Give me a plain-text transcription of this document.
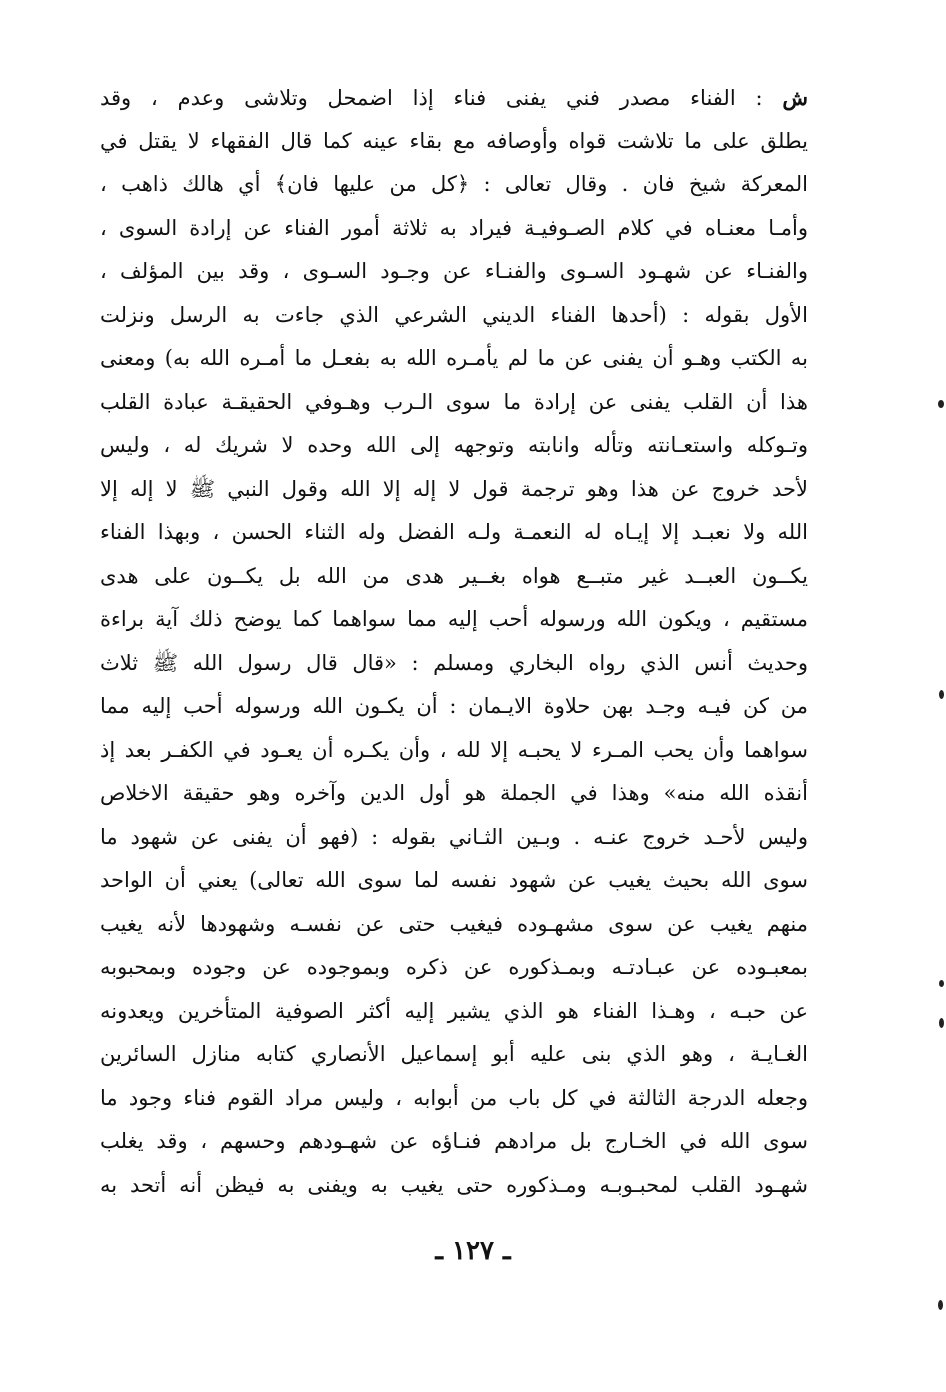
ش : الفناء مصدر فني يفنى فناء إذا اضمحل وتلاشى وعدم ، وقد
يطلق على ما تلاشت قواه وأوصافه مع بقاء عينه كما قال الفقهاء لا يقتل في
المعركة شيخ فان . وقال تعالى : ﴿كل من عليها فان﴾ أي هالك ذاهب ،
وأمـا معنـاه في كلام الصـوفيـة فيراد به ثلاثة أمور الفناء عن إرادة السوى ،
والفنـاء عن شهـود السـوى والفنـاء عن وجـود السـوى ، وقد بين المؤلف ،
الأول بقوله : (أحدها الفناء الديني الشرعي الذي جاءت به الرسل ونزلت
به الكتب وهـو أن يفنى عن ما لم يأمـره الله به بفعـل ما أمـره الله به) ومعنى
هذا أن القلب يفنى عن إرادة ما سوى الـرب وهـوفي الحقيقـة عبادة القلب
وتـوكله واستعـانته وتأله وانابته وتوجهه إلى الله وحده لا شريك له ، وليس
لأحد خروج عن هذا وهو ترجمة قول لا إله إلا الله وقول النبي ﷺ لا إله إلا
الله ولا نعبـد إلا إيـاه له النعمـة ولـه الفضل وله الثناء الحسن ، وبهذا الفناء
يكــون العبــد غير متبــع هواه بغــير هدى من الله بل يكــون على هدى
مستقيم ، ويكون الله ورسوله أحب إليه مما سواهما كما يوضح ذلك آية براءة
وحديث أنس الذي رواه البخاري ومسلم : «قال قال رسول الله ﷺ ثلاث
من كن فيـه وجـد بهن حلاوة الايـمان : أن يكـون الله ورسوله أحب إليه مما
سواهما وأن يحب المـرء لا يحبـه إلا لله ، وأن يكـره أن يعـود في الكفـر بعد إذ
أنقذه الله منه» وهذا في الجملة هو أول الدين وآخره وهو حقيقة الاخلاص
وليس لأحـد خروج عنـه . وبـين الثـاني بقوله : (فهو أن يفنى عن شهود ما
سوى الله بحيث يغيب عن شهود نفسه لما سوى الله تعالى) يعني أن الواحد
منهم يغيب عن سوى مشهـوده فيغيب حتى عن نفسـه وشهودها لأنه يغيب
بمعبـوده عن عبـادتـه وبمـذكوره عن ذكره وبموجوده عن وجوده وبمحبوبه
عن حبـه ، وهـذا الفناء هو الذي يشير إليه أكثر الصوفية المتأخرين ويعدونه
الغـايـة ، وهو الذي بنى عليه أبو إسماعيل الأنصاري كتابه منازل السائرين
وجعله الدرجة الثالثة في كل باب من أبوابه ، وليس مراد القوم فناء وجود ما
سوى الله في الخـارج بل مرادهم فنـاؤه عن شهـودهم وحسهم ، وقد يغلب
شهـود القلب لمحبـوبـه ومـذكوره حتى يغيب به ويفنى به فيظن أنه أتحد به
ـ ١٢٧ ـ
